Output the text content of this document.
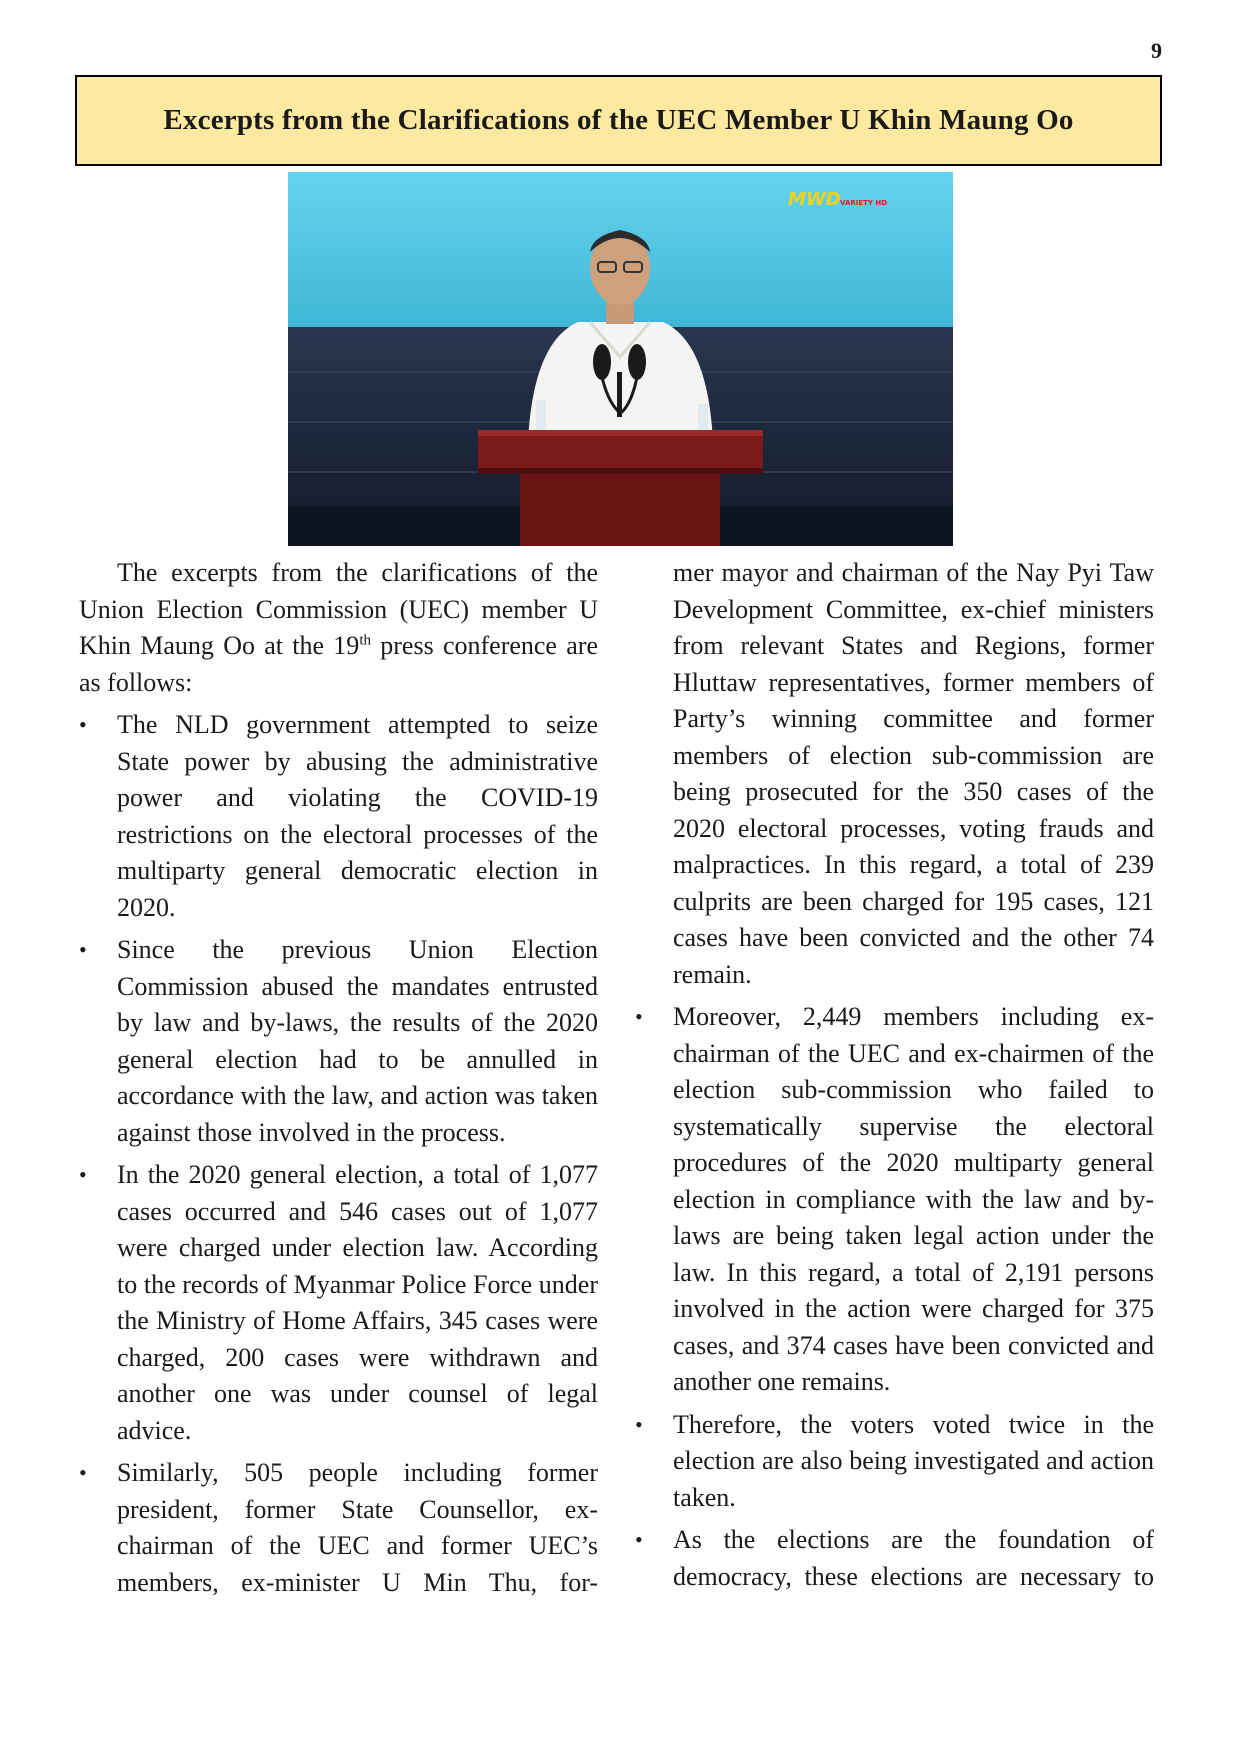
9
Excerpts from the Clarifications of the UEC Member U Khin Maung Oo
MWD VARIETY HD

The excerpts from the clarifications of the Union Election Commission (UEC) member U Khin Maung Oo at the 19th press conference are as follows:

• The NLD government attempted to seize State power by abusing the administrative power and violating the COVID-19 restrictions on the electoral processes of the multiparty general democratic election in 2020.
• Since the previous Union Election Commission abused the mandates entrusted by law and by-laws, the results of the 2020 general election had to be annulled in accordance with the law, and action was taken against those involved in the process.
• In the 2020 general election, a total of 1,077 cases occurred and 546 cases out of 1,077 were charged under election law. According to the records of Myanmar Police Force under the Ministry of Home Affairs, 345 cases were charged, 200 cases were withdrawn and another one was under counsel of legal advice.
• Similarly, 505 people including former president, former State Counsellor, ex-chairman of the UEC and former UEC’s members, ex-minister U Min Thu, for-

mer mayor and chairman of the Nay Pyi Taw Development Committee, ex-chief ministers from relevant States and Regions, former Hluttaw representatives, former members of Party’s winning committee and former members of election sub-commission are being prosecuted for the 350 cases of the 2020 electoral processes, voting frauds and malpractices. In this regard, a total of 239 culprits are been charged for 195 cases, 121 cases have been convicted and the other 74 remain.

• Moreover, 2,449 members including ex-chairman of the UEC and ex-chairmen of the election sub-commission who failed to systematically supervise the electoral procedures of the 2020 multiparty general election in compliance with the law and by-laws are being taken legal action under the law. In this regard, a total of 2,191 persons involved in the action were charged for 375 cases, and 374 cases have been convicted and another one remains.
• Therefore, the voters voted twice in the election are also being investigated and action taken.
• As the elections are the foundation of democracy, these elections are necessary to
